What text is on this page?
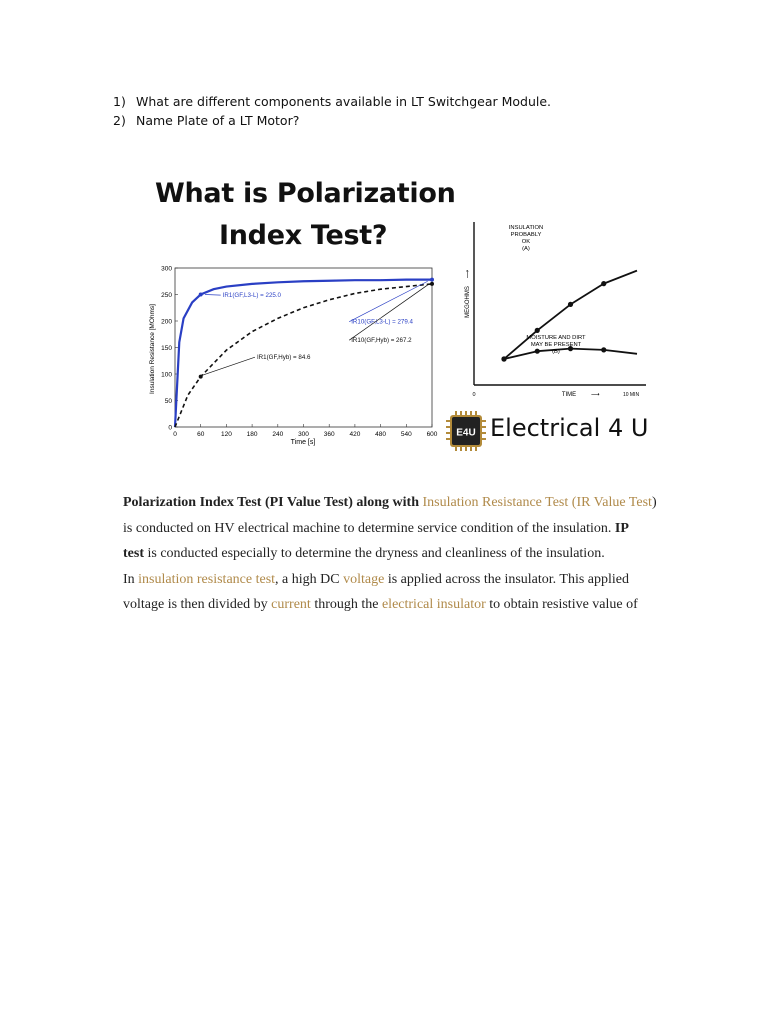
1) What are different components available in LT Switchgear Module.
2) Name Plate of a LT Motor?
What is Polarization
Index Test?
0	60	120 180 240 300 360 420 480 540 600
0
50
100
150
200
250
300
IR1(GF,L3-L) = 225.0
IR10(GF,L3-L) = 279.4
IR10(GF,Hyb) = 267.2
IR1(GF,Hyb) = 84.6
Time [s]
Insulation Resistance [MOhms]
MEGOHMS
⟶
TIME ⟶
0	10 MIN
INSULATION
PROBABLY
OK
(A)
MOISTURE AND DIRT
MAY BE PRESENT
(B)
E4U Electrical 4 U

Polarization Index Test (PI Value Test) along with Insulation Resistance Test (IR Value Test)

is conducted on HV electrical machine to determine service condition of the insulation. IP

test is conducted especially to determine the dryness and cleanliness of the insulation.

In insulation resistance test, a high DC voltage is applied across the insulator. This applied

voltage is then divided by current through the electrical insulator to obtain resistive value of
